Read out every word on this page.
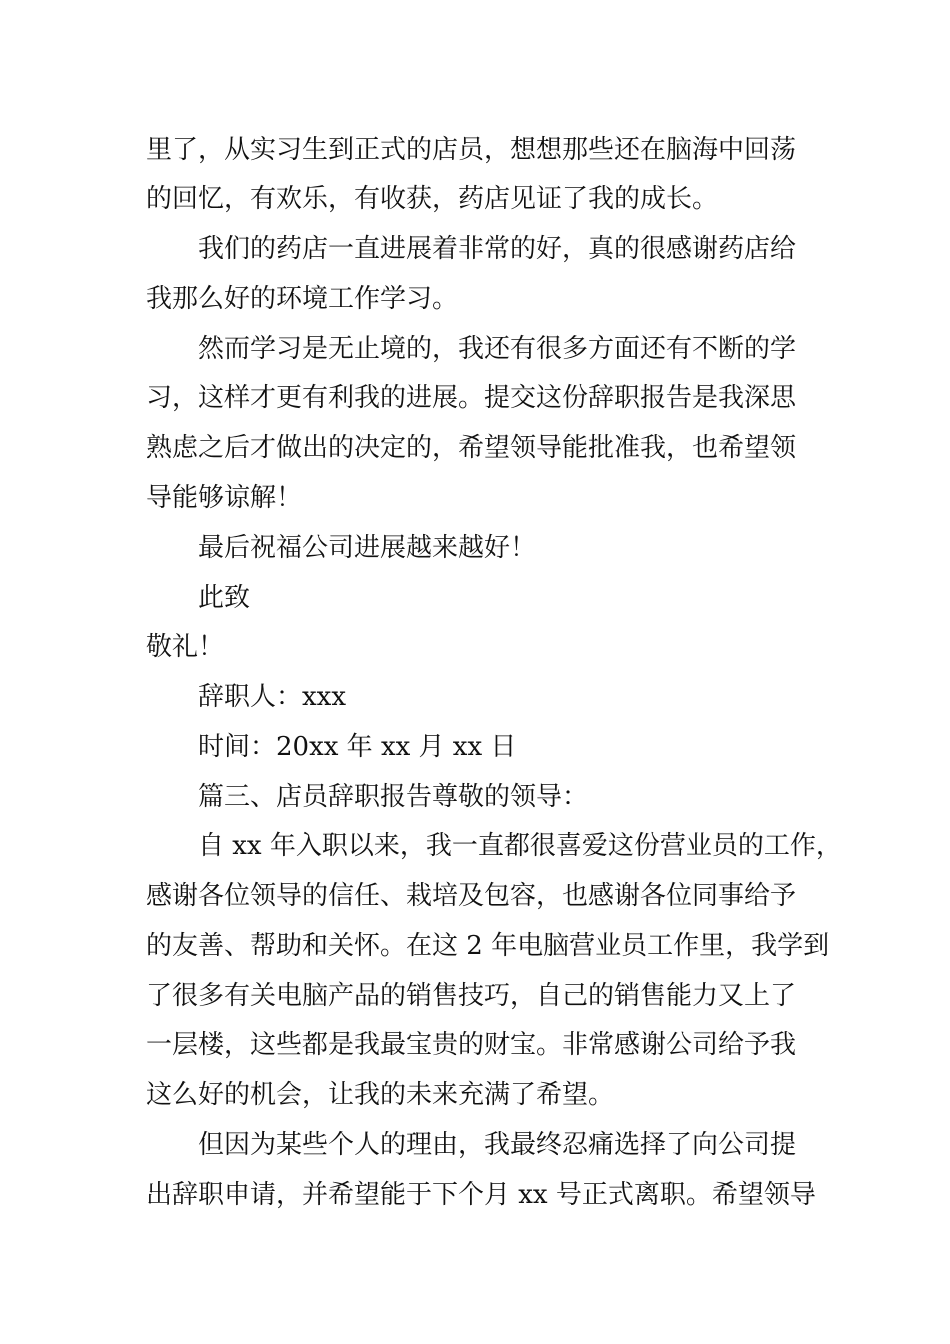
里了，从实习生到正式的店员，想想那些还在脑海中回荡
的回忆，有欢乐，有收获，药店见证了我的成长。
我们的药店一直进展着非常的好，真的很感谢药店给
我那么好的环境工作学习。
然而学习是无止境的，我还有很多方面还有不断的学
习，这样才更有利我的进展。提交这份辞职报告是我深思
熟虑之后才做出的决定的，希望领导能批准我，也希望领
导能够谅解！
最后祝福公司进展越来越好！
此致
敬礼！
辞职人：xxx
时间：20xx 年 xx 月 xx 日
篇三、店员辞职报告尊敬的领导：
自 xx 年入职以来，我一直都很喜爱这份营业员的工作，
感谢各位领导的信任、栽培及包容，也感谢各位同事给予
的友善、帮助和关怀。在这 2 年电脑营业员工作里，我学到
了很多有关电脑产品的销售技巧，自己的销售能力又上了
一层楼，这些都是我最宝贵的财宝。非常感谢公司给予我
这么好的机会，让我的未来充满了希望。
但因为某些个人的理由，我最终忍痛选择了向公司提
出辞职申请，并希望能于下个月 xx 号正式离职。希望领导
